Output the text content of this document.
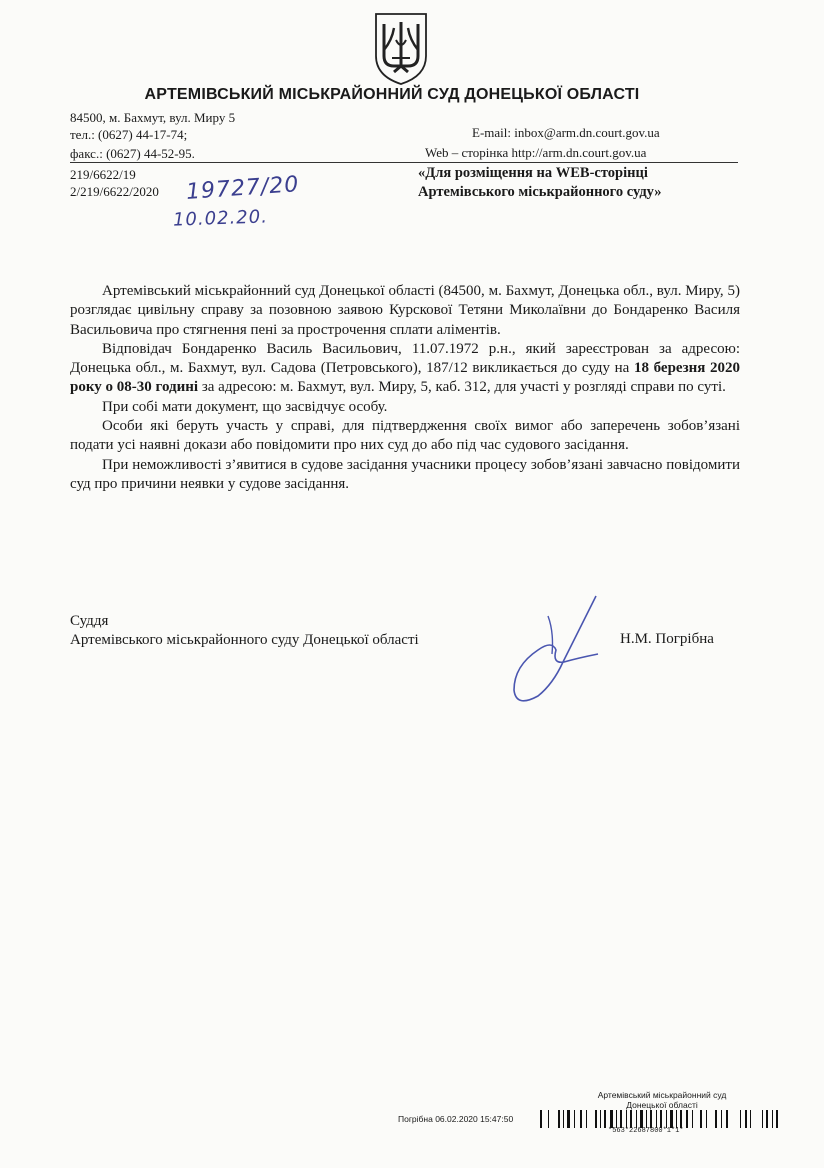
АРТЕМІВСЬКИЙ МІСЬКРАЙОННИЙ СУД ДОНЕЦЬКОЇ ОБЛАСТІ
84500, м. Бахмут, вул. Миру 5
тел.: (0627) 44-17-74;
факс.: (0627) 44-52-95.
E-mail: inbox@arm.dn.court.gov.ua
Web – сторінка http://arm.dn.court.gov.ua
219/6622/19
2/219/6622/2020 19727/20
10.02.20.
«Для розміщення на WEB-сторінці
Артемівського міськрайонного суду»

Артемівський міськрайонний суд Донецької області (84500, м. Бахмут, Донецька обл., вул. Миру, 5) розглядає цивільну справу за позовною заявою Курскової Тетяни Миколаївни до Бондаренко Василя Васильовича про стягнення пені за прострочення сплати аліментів.

Відповідач Бондаренко Василь Васильович, 11.07.1972 р.н., який зареєстрован за адресою: Донецька обл., м. Бахмут, вул. Садова (Петровського), 187/12 викликається до суду на 18 березня 2020 року о 08-30 годині за адресою: м. Бахмут, вул. Миру, 5, каб. 312, для участі у розгляді справи по суті.

При собі мати документ, що засвідчує особу.

Особи які беруть участь у справі, для підтвердження своїх вимог або заперечень зобов’язані подати усі наявні докази або повідомити про них суд до або під час судового засідання.

При неможливості з’явитися в судове засідання учасники процесу зобов’язані завчасно повідомити суд про причини неявки у судове засідання.

Суддя
Артемівського міськрайонного суду Донецької області	Н.М. Погрібна
Артемівський міськрайонний суд
Донецької області
Погрібна 06.02.2020 15:47:50
*563*22687800*1*1*
